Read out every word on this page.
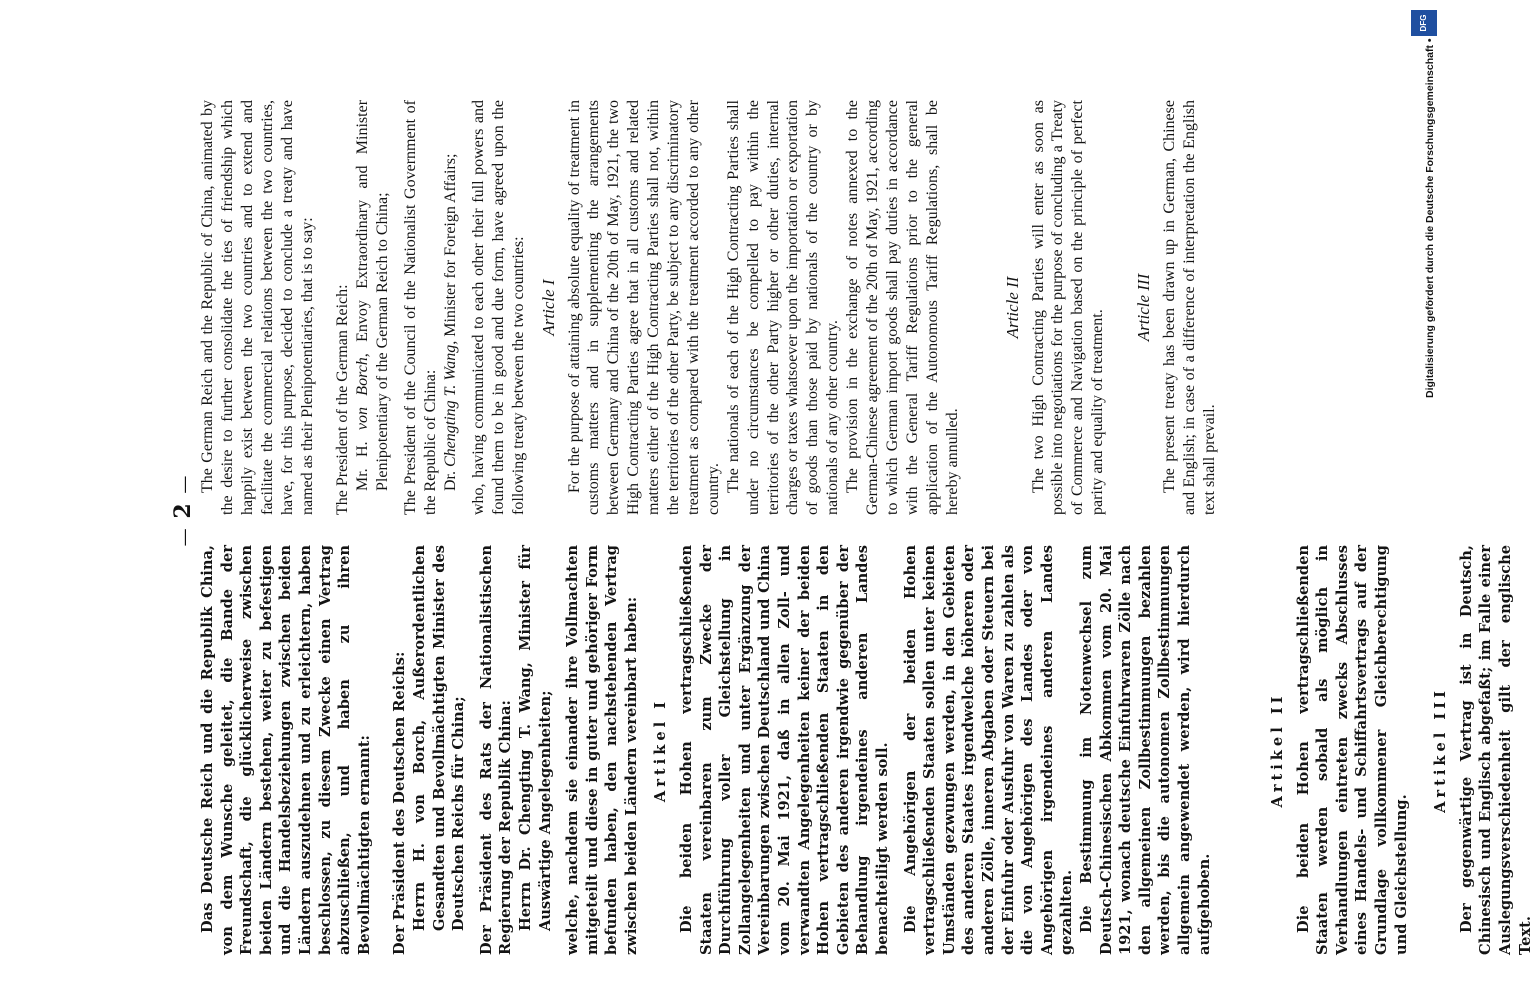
— 2 —

Das Deutsche Reich und die Republik China, von dem Wunsche geleitet, die Bande der Freundschaft, die glücklicherweise zwischen beiden Ländern bestehen, weiter zu befestigen und die Handelsbeziehungen zwischen beiden Ländern auszudehnen und zu erleichtern, haben beschlossen, zu diesem Zwecke einen Vertrag abzuschließen, und haben zu ihren Bevollmächtigten ernannt: Der Präsident des Deutschen Reichs: Herrn H. von Borch, Außerordentlichen Gesandten und Bevollmächtigten Minister des Deutschen Reichs für China; Der Präsident des Rats der Nationalistischen Regierung der Republik China: Herrn Dr. Chengting T. Wang, Minister für Auswärtige Angelegenheiten; welche, nachdem sie einander ihre Vollmachten mitgeteilt und diese in guter und gehöriger Form befunden haben, den nachstehenden Vertrag zwischen beiden Ländern vereinbart haben: Artikel I Die beiden Hohen vertragschließenden Staaten vereinbaren zum Zwecke der Durchführung voller Gleichstellung in Zollangelegenheiten und unter Ergänzung der Vereinbarungen zwischen Deutschland und China vom 20. Mai 1921, daß in allen Zoll- und verwandten Angelegenheiten keiner der beiden Hohen vertragschließenden Staaten in den Gebieten des anderen irgendwie gegenüber der Behandlung irgendeines anderen Landes benachteiligt werden soll. Die Angehörigen der beiden Hohen vertragschließenden Staaten sollen unter keinen Umständen gezwungen werden, in den Gebieten des anderen Staates irgendwelche höheren oder anderen Zölle, inneren Abgaben oder Steuern bei der Einfuhr oder Ausfuhr von Waren zu zahlen als die von Angehörigen des Landes oder von Angehörigen irgendeines anderen Landes gezahlten. Die Bestimmung im Notenwechsel zum Deutsch-Chinesischen Abkommen vom 20. Mai 1921, wonach deutsche Einfuhrwaren Zölle nach den allgemeinen Zollbestimmungen bezahlen werden, bis die autonomen Zollbestimmungen allgemein angewendet werden, wird hierdurch aufgehoben.

Artikel II Die beiden Hohen vertragschließenden Staaten werden sobald als möglich in Verhandlungen eintreten zwecks Abschlusses eines Handels- und Schiffahrtsvertrags auf der Grundlage vollkommener Gleichberechtigung und Gleichstellung.

Artikel III Der gegenwärtige Vertrag ist in Deutsch, Chinesisch und Englisch abgefaßt; im Falle einer Auslegungsverschiedenheit gilt der englische Text.

The German Reich and the Republic of China, animated by the desire to further consolidate the ties of friendship which happily exist between the two countries and to extend and facilitate the commercial relations between the two countries, have, for this purpose, decided to conclude a treaty and have named as their Plenipotentiaries, that is to say: The President of the German Reich: Mr. H. von Borch, Envoy Extraordinary and Minister Plenipotentiary of the German Reich to China; The President of the Council of the Nationalist Government of the Republic of China: Dr. Chengting T. Wang, Minister for Foreign Affairs; who, having communicated to each other their full powers and found them to be in good and due form, have agreed upon the following treaty between the two countries: Article I For the purpose of attaining absolute equality of treatment in customs matters and in supplementing the arrangements between Germany and China of the 20th of May, 1921, the two High Contracting Parties agree that in all customs and related matters either of the High Contracting Parties shall not, within the territories of the other Party, be subject to any discriminatory treatment as compared with the treatment accorded to any other country. The nationals of each of the High Contracting Parties shall under no circumstances be compelled to pay within the territories of the other Party higher or other duties, internal charges or taxes whatsoever upon the importation or exportation of goods than those paid by nationals of the country or by nationals of any other country. The provision in the exchange of notes annexed to the German-Chinese agreement of the 20th of May, 1921, according to which German import goods shall pay duties in accordance with the General Tariff Regulations prior to the general application of the Autonomous Tariff Regulations, shall be hereby annulled.

Article II The two High Contracting Parties will enter as soon as possible into negotiations for the purpose of concluding a Treaty of Commerce and Navigation based on the principle of perfect parity and equality of treatment.

Article III The present treaty has been drawn up in German, Chinese and English; in case of a difference of interpretation the English text shall prevail.

DFG
Digitalisierung gefördert durch die Deutsche Forschungsgemeinschaft •
